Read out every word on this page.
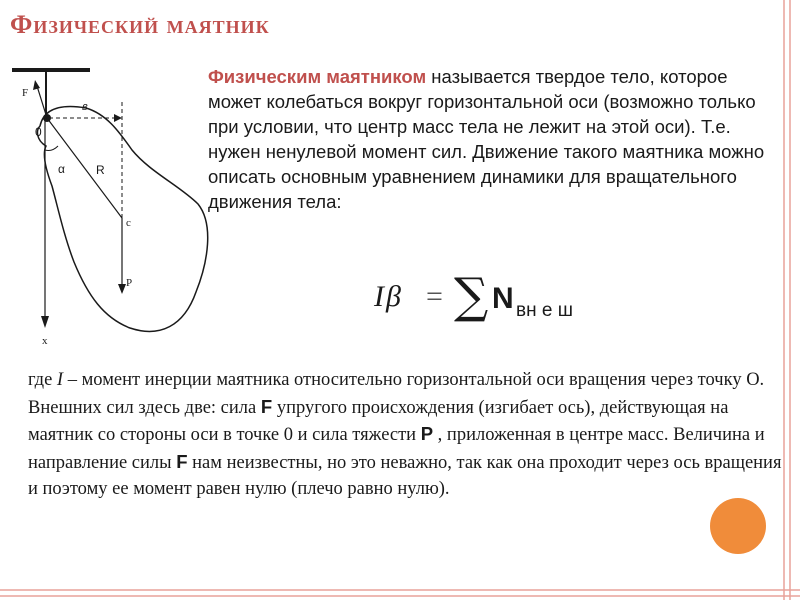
Физический маятник
Физическим маятником называется твердое тело, которое может колебаться вокруг горизонтальной оси (возможно только при условии, что центр масс тела не лежит на этой оси). Т.е. нужен ненулевой момент сил. Движение такого маятника можно описать основным уравнением динамики для вращательного движения тела:
I β = ∑ N вн е ш
F
0
в
α	R
c
P
x
где I – момент инерции маятника относительно горизонтальной оси вращения через точку О. Внешних сил здесь две: сила F упругого происхождения (изгибает ось), действующая на маятник со стороны оси в точке 0 и сила тяжести Р , приложенная в центре масс. Величина и направление силы F нам неизвестны, но это неважно, так как она проходит через ось вращения и поэтому ее момент равен нулю (плечо равно нулю).
